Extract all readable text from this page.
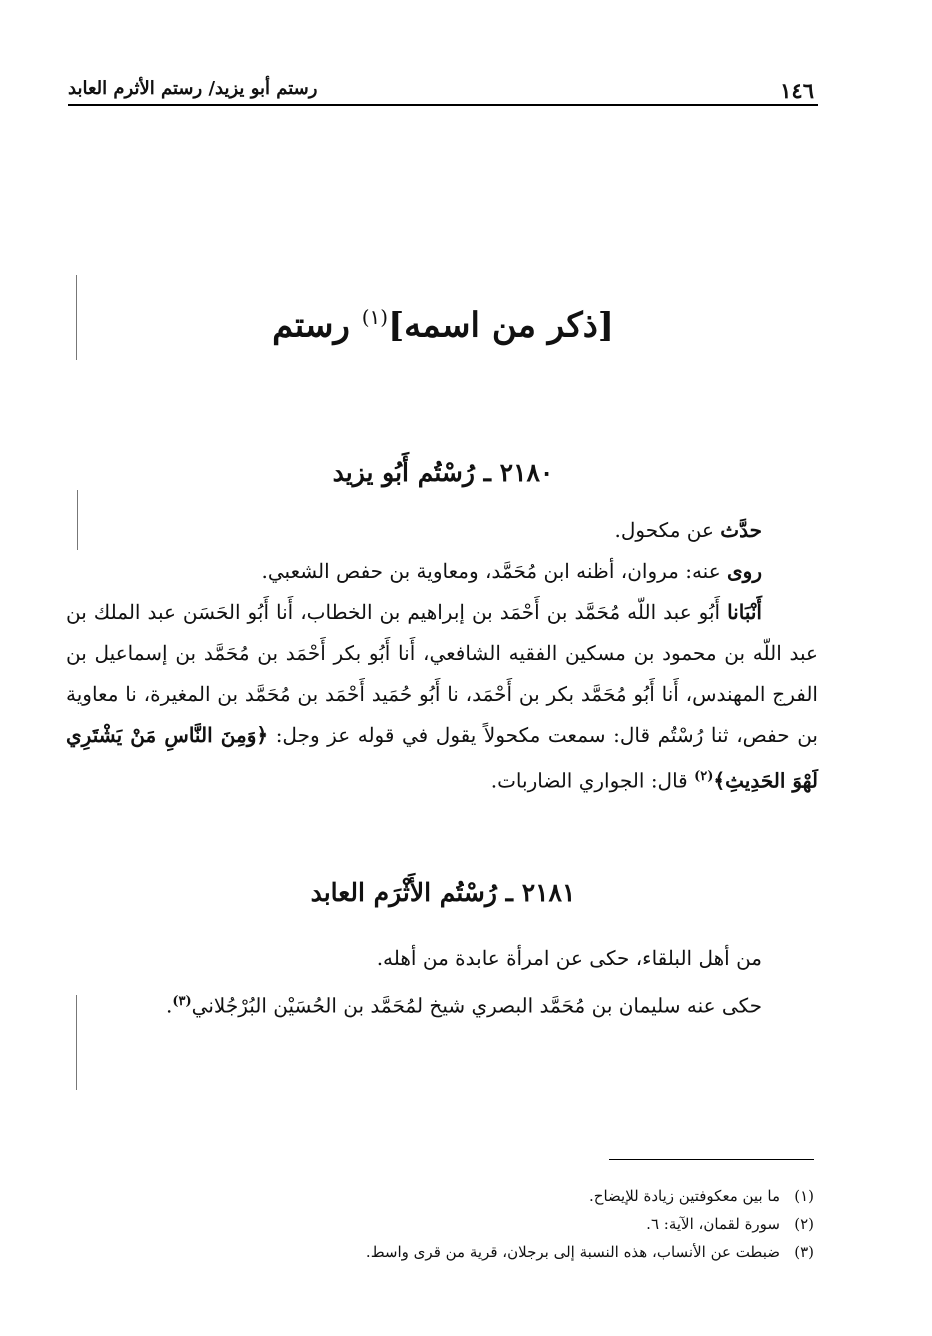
١٤٦
رستم أبو يزيد/ رستم الأثرم العابد
[ذكر من اسمه]$^{(١)}$ رستم
٢١٨٠ ـ رُسْتُم أَبُو يزيد

حدَّث عن مكحول.

روى عنه: مروان، أظنه ابن مُحَمَّد، ومعاوية بن حفص الشعبي.

أَنْبَانا أَبُو عبد اللّه مُحَمَّد بن أَحْمَد بن إبراهيم بن الخطاب، أَنا أَبُو الحَسَن عبد الملك بن عبد اللّه بن محمود بن مسكين الفقيه الشافعي، أَنا أَبُو بكر أَحْمَد بن مُحَمَّد بن إسماعيل بن الفرج المهندس، أَنا أَبُو مُحَمَّد بكر بن أَحْمَد، نا أَبُو حُمَيد أَحْمَد بن مُحَمَّد بن المغيرة، نا معاوية بن حفص، ثنا رُسْتُم قال: سمعت مكحولاً يقول في قوله عز وجل: ﴿وَمِنَ النَّاسِ مَنْ يَشْتَرِي لَهْوَ الحَدِيثِ﴾$^{(٢)}$ قال: الجواري الضاربات.

٢١٨١ ـ رُسْتُم الأَثْرَم العابد

من أهل البلقاء، حكى عن امرأة عابدة من أهله.

حكى عنه سليمان بن مُحَمَّد البصري شيخ لمُحَمَّد بن الحُسَيْن البُرْجُلاني$^{(٣)}$.

(١)ما بين معكوفتين زيادة للإيضاح.
(٢)سورة لقمان، الآية: ٦.
(٣)ضبطت عن الأنساب، هذه النسبة إلى برجلان، قرية من قرى واسط.
